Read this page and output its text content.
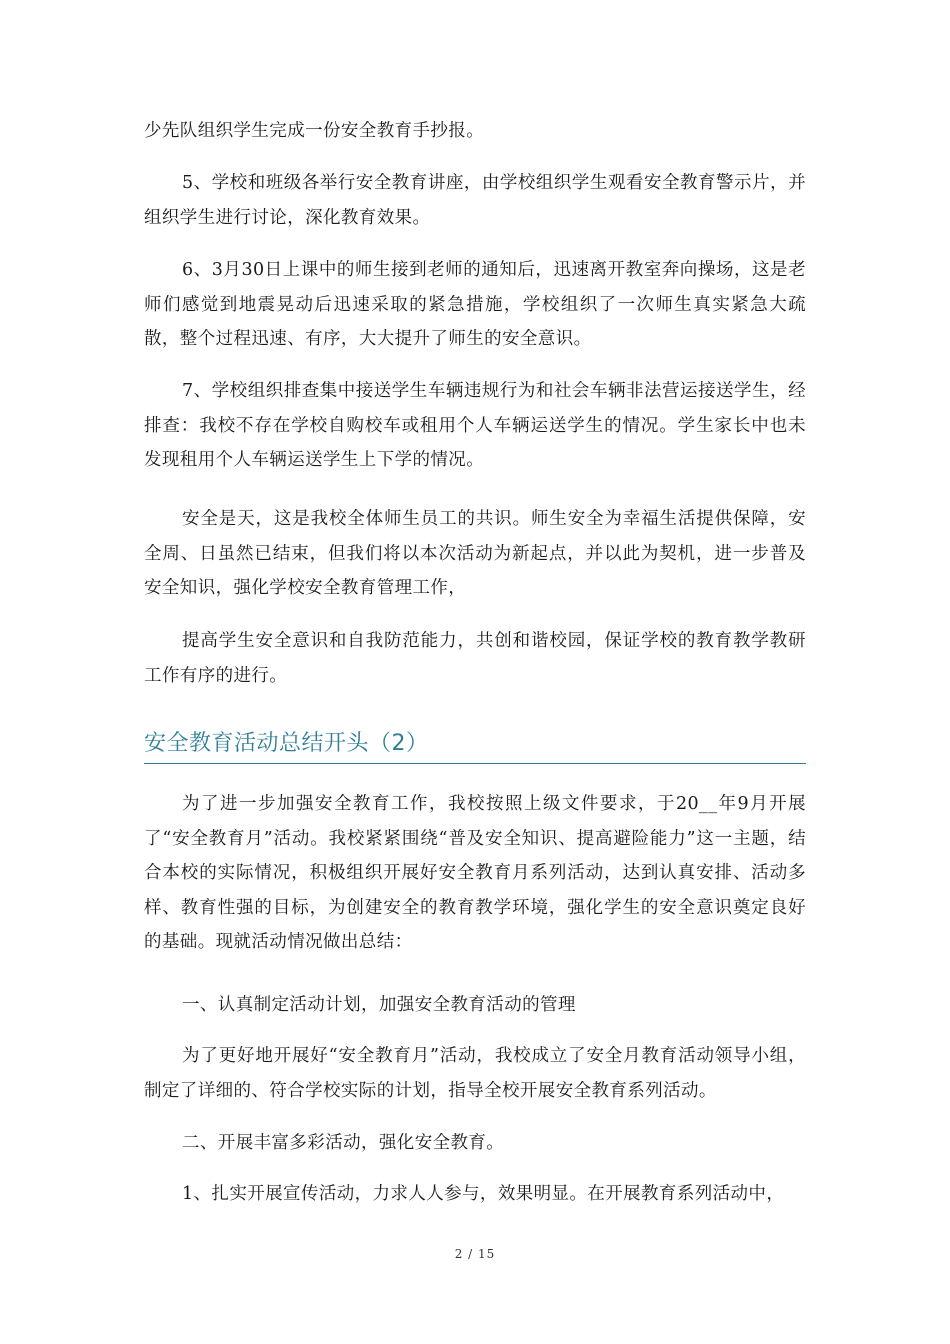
少先队组织学生完成一份安全教育手抄报。

5、学校和班级各举行安全教育讲座，由学校组织学生观看安全教育警示片，并组织学生进行讨论，深化教育效果。

6、3月30日上课中的师生接到老师的通知后，迅速离开教室奔向操场，这是老师们感觉到地震晃动后迅速采取的紧急措施，学校组织了一次师生真实紧急大疏散，整个过程迅速、有序，大大提升了师生的安全意识。

7、学校组织排查集中接送学生车辆违规行为和社会车辆非法营运接送学生，经排查：我校不存在学校自购校车或租用个人车辆运送学生的情况。学生家长中也未发现租用个人车辆运送学生上下学的情况。

安全是天，这是我校全体师生员工的共识。师生安全为幸福生活提供保障，安全周、日虽然已结束，但我们将以本次活动为新起点，并以此为契机，进一步普及安全知识，强化学校安全教育管理工作，

提高学生安全意识和自我防范能力，共创和谐校园，保证学校的教育教学教研工作有序的进行。

安全教育活动总结开头（2）

为了进一步加强安全教育工作，我校按照上级文件要求，于20__年9月开展了“安全教育月”活动。我校紧紧围绕“普及安全知识、提高避险能力”这一主题，结合本校的实际情况，积极组织开展好安全教育月系列活动，达到认真安排、活动多样、教育性强的目标，为创建安全的教育教学环境，强化学生的安全意识奠定良好的基础。现就活动情况做出总结：

一、认真制定活动计划，加强安全教育活动的管理

为了更好地开展好“安全教育月”活动，我校成立了安全月教育活动领导小组，制定了详细的、符合学校实际的计划，指导全校开展安全教育系列活动。

二、开展丰富多彩活动，强化安全教育。

1、扎实开展宣传活动，力求人人参与，效果明显。在开展教育系列活动中，

2 / 15
